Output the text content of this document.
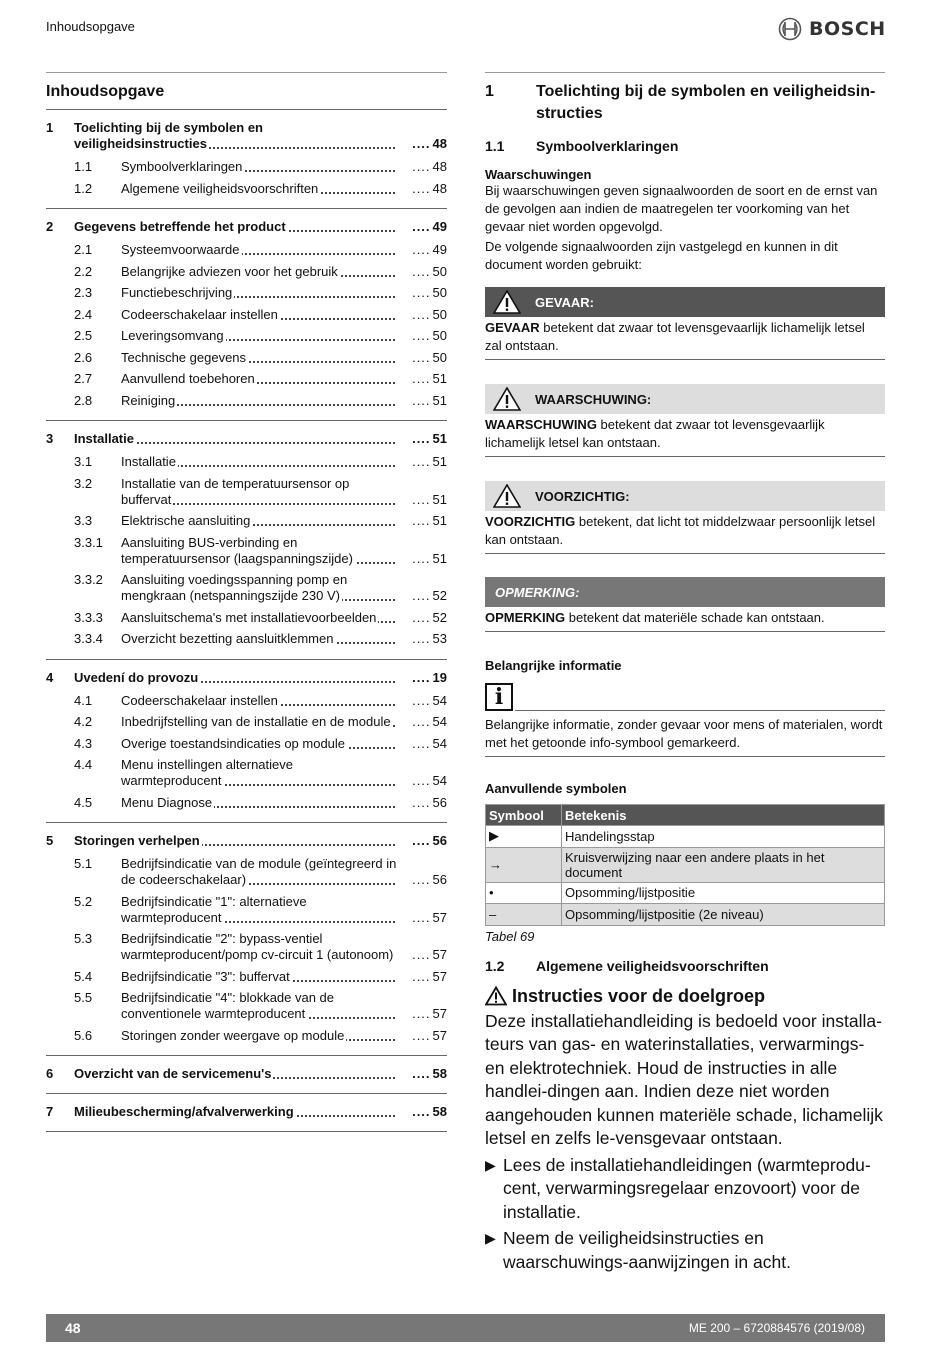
Inhoudsopgave	BOSCH
Inhoudsopgave
1	Toelichting bij de symbolen en veiligheidsinstructies	.... 48
1.1	Symboolverklaringen	.... 48
1.2	Algemene veiligheidsvoorschriften	.... 48
2	Gegevens betreffende het product	.... 49
2.1	Systeemvoorwaarde	.... 49
2.2	Belangrijke adviezen voor het gebruik	.... 50
2.3	Functiebeschrijving	.... 50
2.4	Codeerschakelaar instellen	.... 50
2.5	Leveringsomvang	.... 50
2.6	Technische gegevens	.... 50
2.7	Aanvullend toebehoren	.... 51
2.8	Reiniging	.... 51
3	Installatie	.... 51
3.1	Installatie	.... 51
3.2	Installatie van de temperatuursensor op buffervat	.... 51
3.3	Elektrische aansluiting	.... 51
3.3.1	Aansluiting BUS-verbinding en
temperatuursensor (laagspanningszijde)	.... 51
3.3.2	Aansluiting voedingsspanning pomp en
mengkraan (netspanningszijde 230 V)	.... 52
3.3.3	Aansluitschema's met installatievoorbeelden	.... 52
3.3.4	Overzicht bezetting aansluitklemmen	.... 53
4	Uvedení do provozu	.... 19
4.1	Codeerschakelaar instellen	.... 54
4.2	Inbedrijfstelling van de installatie en de module	.... 54
4.3	Overige toestandsindicaties op module	.... 54
4.4	Menu instellingen alternatieve warmteproducent	.... 54
4.5	Menu Diagnose	.... 56
5	Storingen verhelpen	.... 56
5.1	Bedrijfsindicatie van de module (geïntegreerd in
de codeerschakelaar)	.... 56
5.2	Bedrijfsindicatie "1": alternatieve
warmteproducent	.... 57
5.3	Bedrijfsindicatie "2": bypass-ventiel
warmteproducent/pomp cv-circuit 1 (autonoom)	.... 57
5.4	Bedrijfsindicatie "3": buffervat	.... 57
5.5	Bedrijfsindicatie "4": blokkade van de
conventionele warmteproducent	.... 57
5.6	Storingen zonder weergave op module	.... 57
6	Overzicht van de servicemenu's	.... 58
7	Milieubescherming/afvalverwerking	.... 58
1	Toelichting bij de symbolen en veiligheidsin-structies
1.1	Symboolverklaringen
Waarschuwingen

Bij waarschuwingen geven signaalwoorden de soort en de ernst van de gevolgen aan indien de maatregelen ter voorkoming van het gevaar niet worden opgevolgd.

De volgende signaalwoorden zijn vastgelegd en kunnen in dit document worden gebruikt:

GEVAAR:
GEVAAR betekent dat zwaar tot levensgevaarlijk lichamelijk letsel zal ontstaan.
WAARSCHUWING:
WAARSCHUWING betekent dat zwaar tot levensgevaarlijk lichamelijk letsel kan ontstaan.
VOORZICHTIG:
VOORZICHTIG betekent, dat licht tot middelzwaar persoonlijk letsel kan ontstaan.
OPMERKING:
OPMERKING betekent dat materiële schade kan ontstaan.
Belangrijke informatie
i
Belangrijke informatie, zonder gevaar voor mens of materialen, wordt met het getoonde info-symbool gemarkeerd.
Aanvullende symbolen
Symbool	Betekenis
▶	Handelingsstap
→	Kruisverwijzing naar een andere plaats in het document
•	Opsomming/lijstpositie
–	Opsomming/lijstpositie (2e niveau)
Tabel 69
1.2	Algemene veiligheidsvoorschriften
Instructies voor de doelgroep

Deze installatiehandleiding is bedoeld voor installa-teurs van gas- en waterinstallaties, verwarmings- en elektrotechniek. Houd de instructies in alle handlei-dingen aan. Indien deze niet worden aangehouden kunnen materiële schade, lichamelijk letsel en zelfs le-vensgevaar ontstaan.

▶ Lees de installatiehandleidingen (warmteprodu-cent, verwarmingsregelaar enzovoort) voor de installatie.
▶ Neem de veiligheidsinstructies en waarschuwings-aanwijzingen in acht.
48	ME 200 – 6720884576 (2019/08)
